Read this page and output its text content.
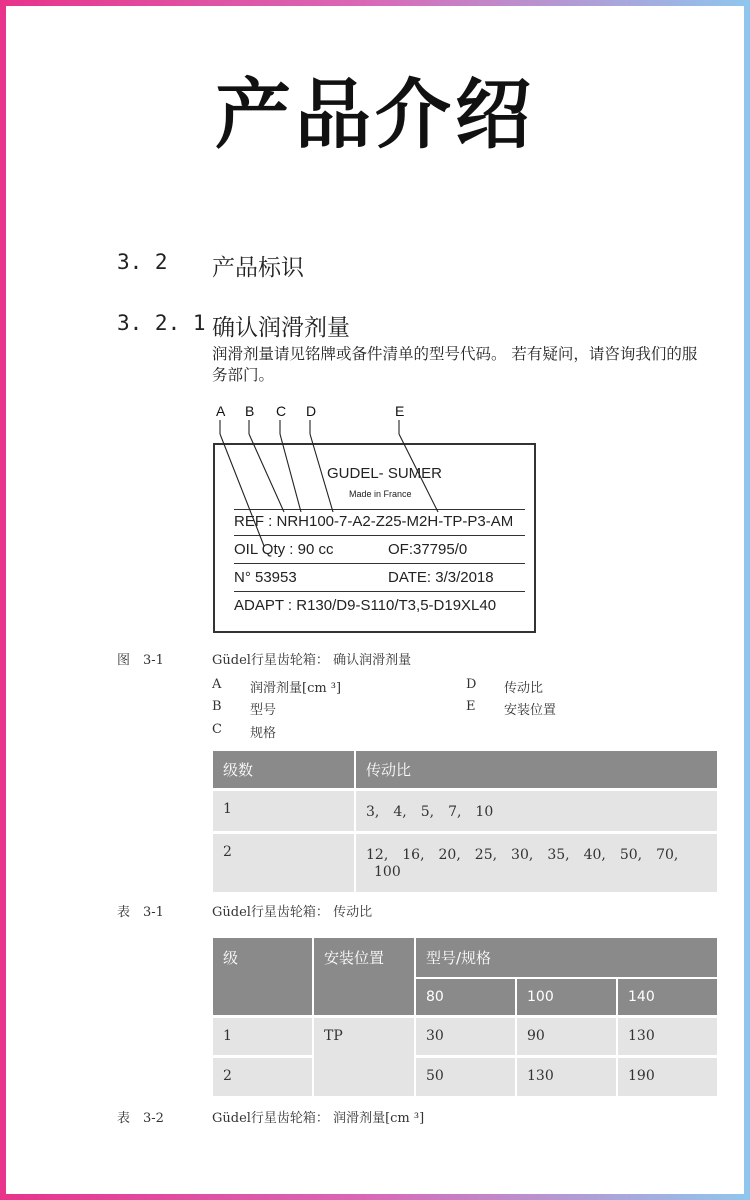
产品介绍
3. 2 产品标识
3. 2. 1 确认润滑剂量
润滑剂量请见铭牌或备件清单的型号代码。 若有疑问，请咨询我们的服
务部门。
A B C D	E
GUDEL- SUMER
Made in France
REF : NRH100-7-A2-Z25-M2H-TP-P3-AM
OIL Qty : 90 cc	OF:37795/0
N° 53953	DATE: 3/3/2018
ADAPT : R130/D9-S110/T3,5-D19XL40
图　3-1	Güdel行星齿轮箱： 确认润滑剂量
A 润滑剂量[cm ³]
B 型号
C 规格
D 传动比
E 安装位置
级数	传动比
1	3,　4,　5,　7,　10

2	12,　16,　20,　25,　30,　35,　40,　50,　70,
100
表　3-1	Güdel行星齿轮箱： 传动比
级	安装位置	型号/规格		
		80	100	140
1	TP	30	90	130
2		50	130	190
表　3-2	Güdel行星齿轮箱： 润滑剂量[cm ³]
